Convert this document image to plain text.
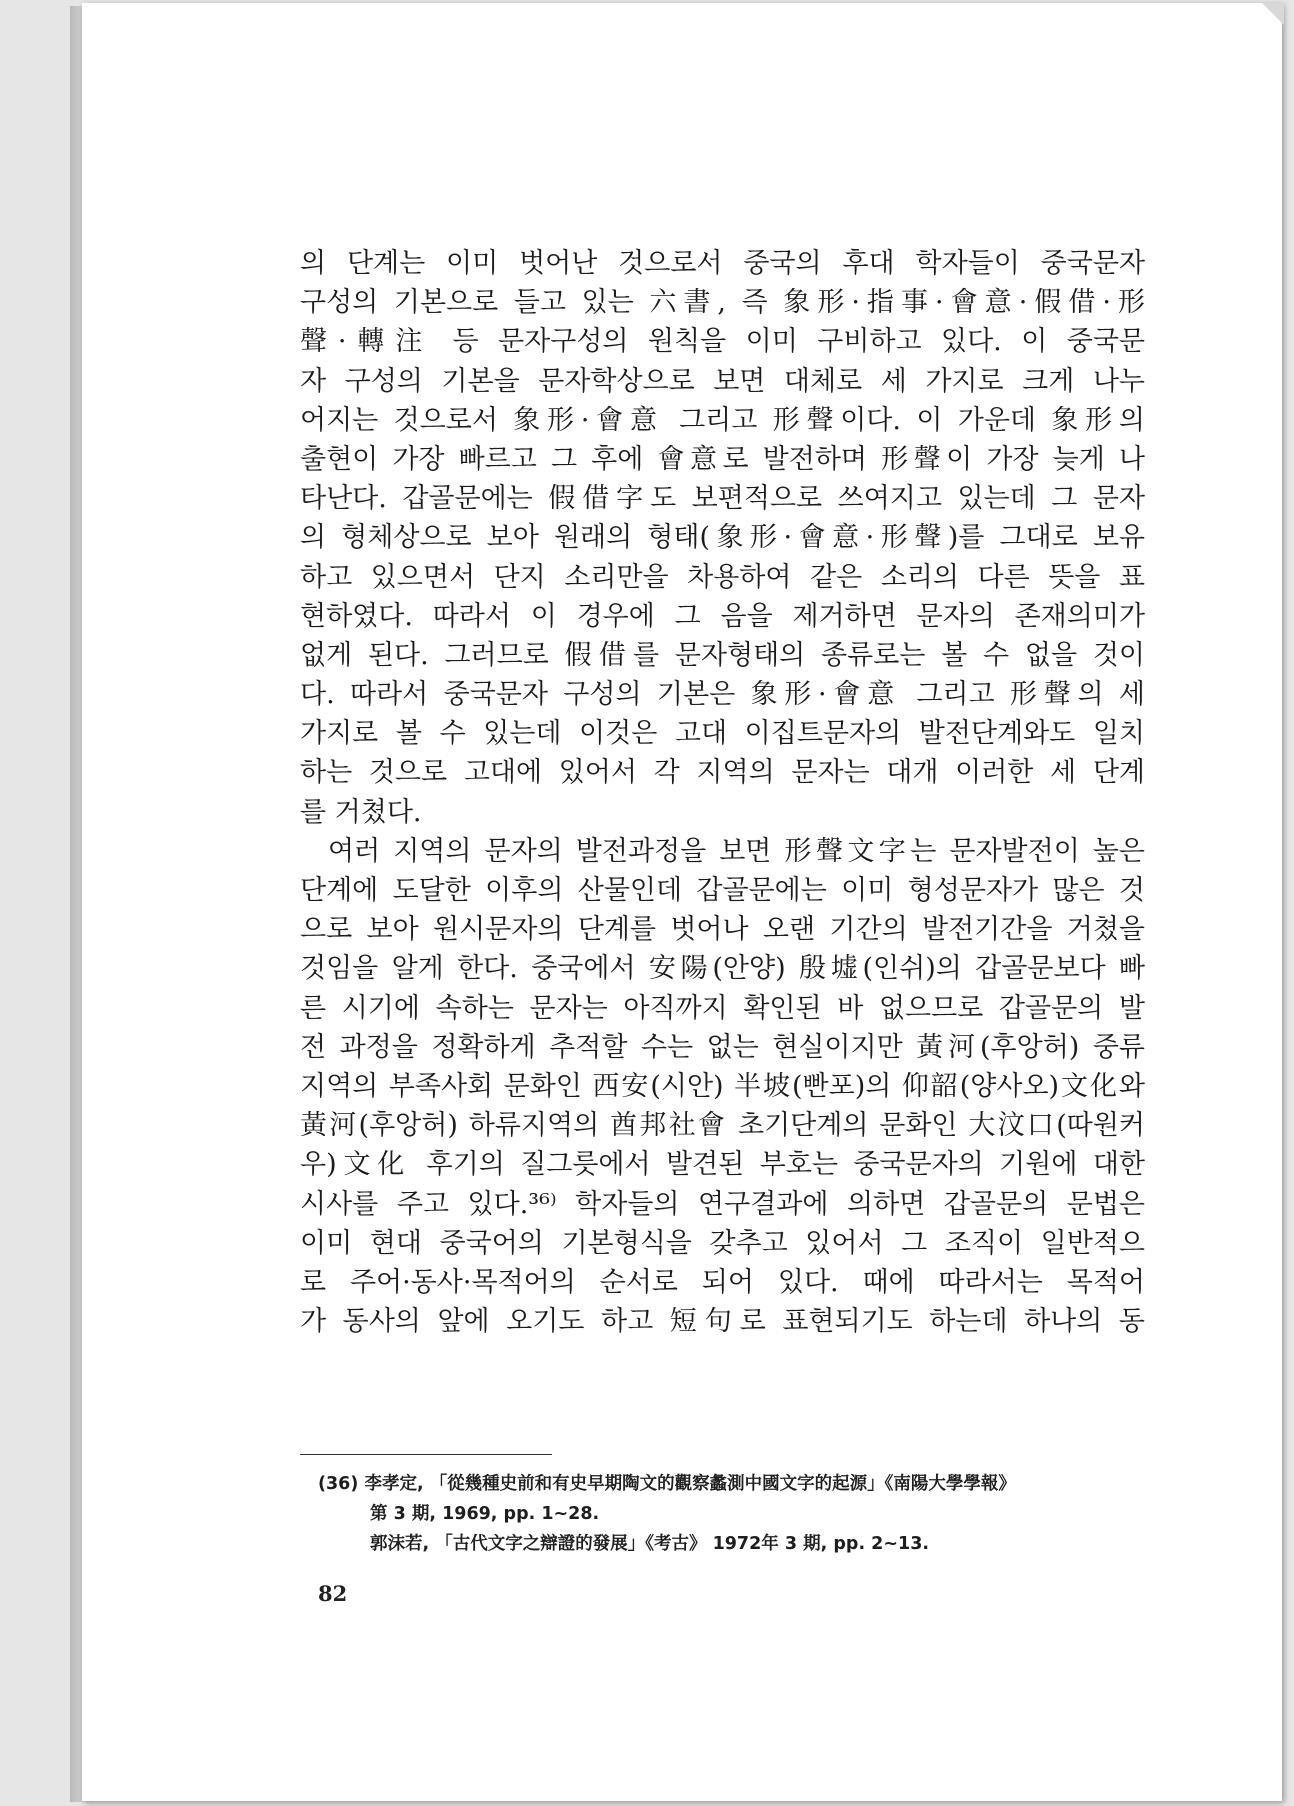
의 단계는 이미 벗어난 것으로서 중국의 후대 학자들이 중국문자
구성의 기본으로 들고 있는 六書, 즉 象形·指事·會意·假借·形
聲·轉注 등 문자구성의 원칙을 이미 구비하고 있다. 이 중국문
자 구성의 기본을 문자학상으로 보면 대체로 세 가지로 크게 나누
어지는 것으로서 象形·會意 그리고 形聲이다. 이 가운데 象形의
출현이 가장 빠르고 그 후에 會意로 발전하며 形聲이 가장 늦게 나
타난다. 갑골문에는 假借字도 보편적으로 쓰여지고 있는데 그 문자
의 형체상으로 보아 원래의 형태(象形·會意·形聲)를 그대로 보유
하고 있으면서 단지 소리만을 차용하여 같은 소리의 다른 뜻을 표
현하였다. 따라서 이 경우에 그 음을 제거하면 문자의 존재의미가
없게 된다. 그러므로 假借를 문자형태의 종류로는 볼 수 없을 것이
다. 따라서 중국문자 구성의 기본은 象形·會意 그리고 形聲의 세
가지로 볼 수 있는데 이것은 고대 이집트문자의 발전단계와도 일치
하는 것으로 고대에 있어서 각 지역의 문자는 대개 이러한 세 단계
를 거쳤다.
여러 지역의 문자의 발전과정을 보면 形聲文字는 문자발전이 높은
단계에 도달한 이후의 산물인데 갑골문에는 이미 형성문자가 많은 것
으로 보아 원시문자의 단계를 벗어나 오랜 기간의 발전기간을 거쳤을
것임을 알게 한다. 중국에서 安陽(안양) 殷墟(인쉬)의 갑골문보다 빠
른 시기에 속하는 문자는 아직까지 확인된 바 없으므로 갑골문의 발
전 과정을 정확하게 추적할 수는 없는 현실이지만 黃河(후앙허) 중류
지역의 부족사회 문화인 西安(시안) 半坡(빤포)의 仰韶(양사오)文化와
黃河(후앙허) 하류지역의 酋邦社會 초기단계의 문화인 大汶口(따원커
우)文化 후기의 질그릇에서 발견된 부호는 중국문자의 기원에 대한
시사를 주고 있다.³⁶⁾ 학자들의 연구결과에 의하면 갑골문의 문법은
이미 현대 중국어의 기본형식을 갖추고 있어서 그 조직이 일반적으
로 주어·동사·목적어의 순서로 되어 있다. 때에 따라서는 목적어
가 동사의 앞에 오기도 하고 短句로 표현되기도 하는데 하나의 동
(36) 李孝定, 「從幾種史前和有史早期陶文的觀察蠡測中國文字的起源」《南陽大學學報》
第 3 期, 1969, pp. 1~28.
郭沫若, 「古代文字之辯證的發展」《考古》 1972年 3 期, pp. 2~13.
82
